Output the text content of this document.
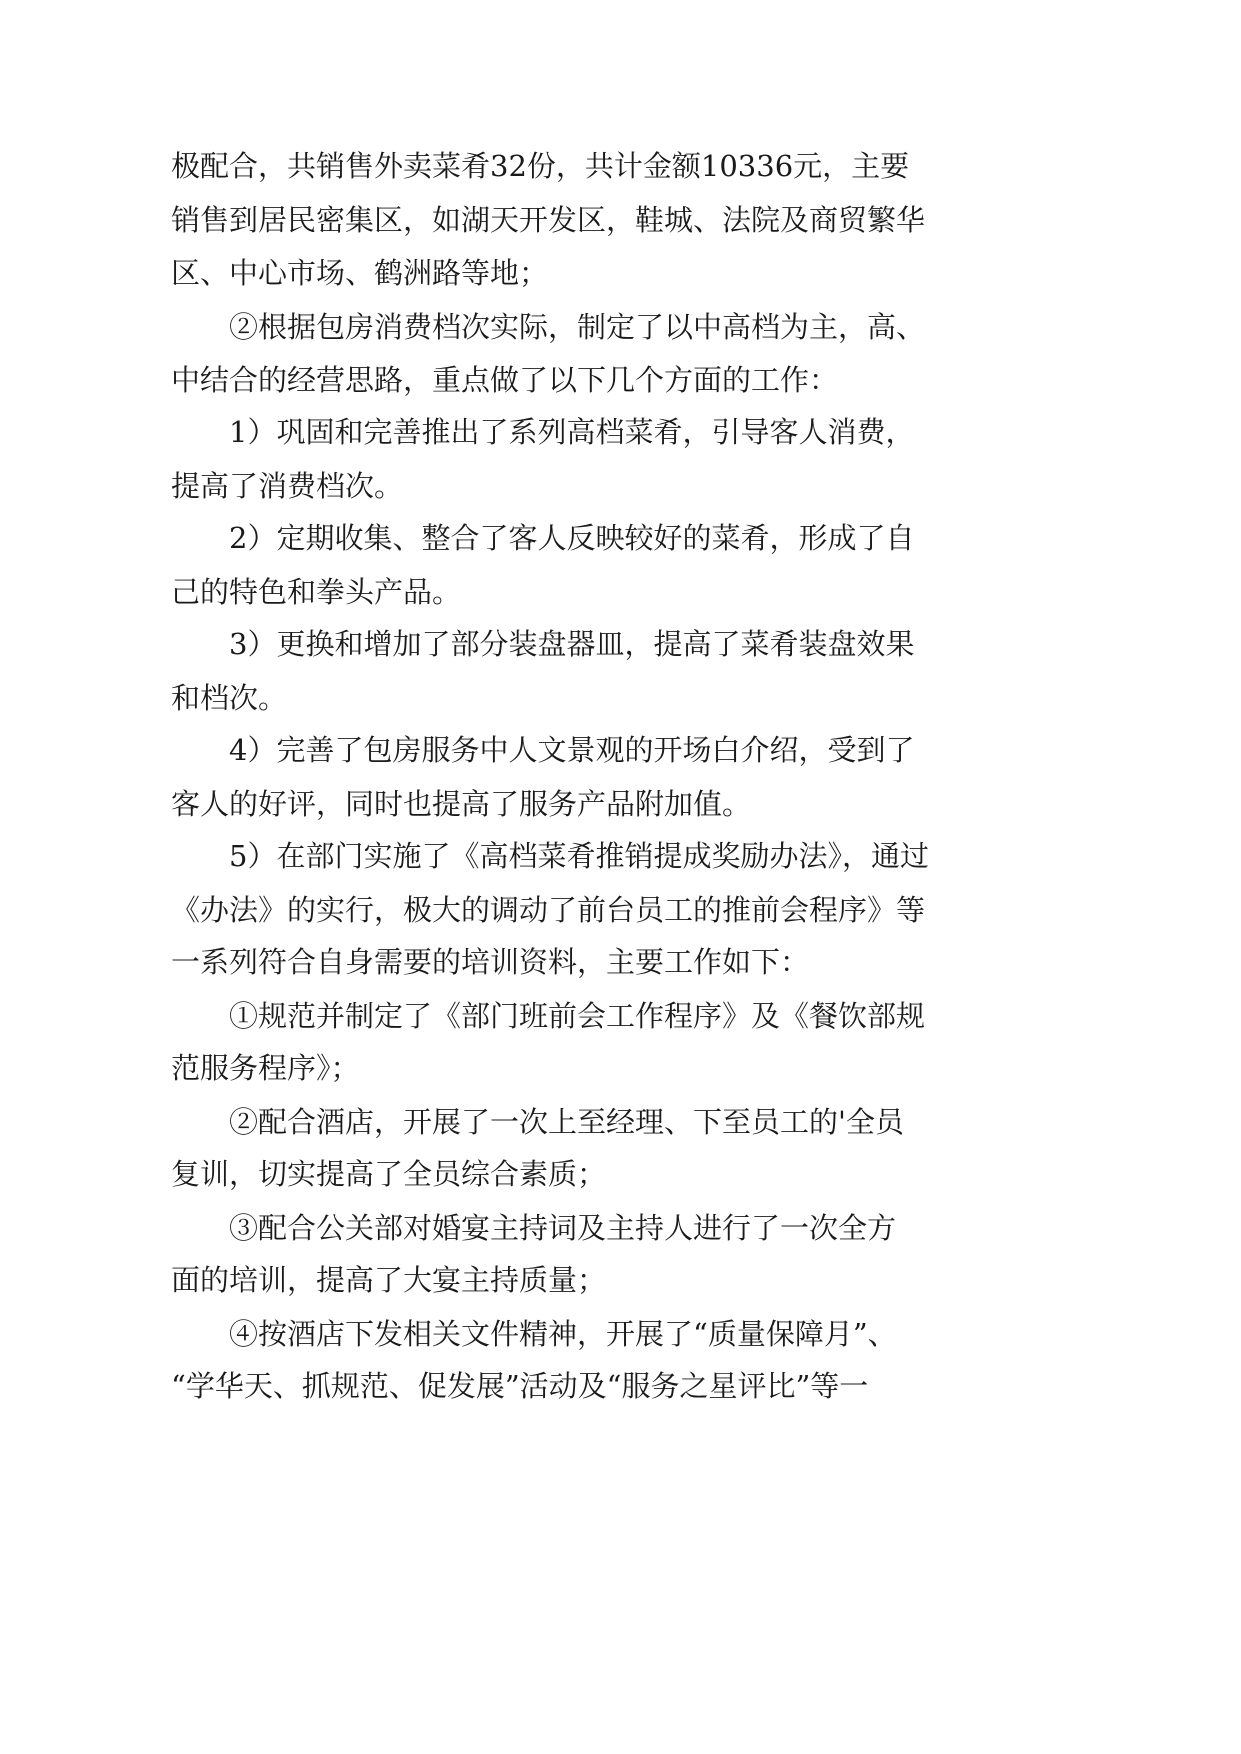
极配合，共销售外卖菜肴32份，共计金额10336元，主要
销售到居民密集区，如湖天开发区，鞋城、法院及商贸繁华
区、中心市场、鹤洲路等地；
②根据包房消费档次实际，制定了以中高档为主，高、
中结合的经营思路，重点做了以下几个方面的工作：
1）巩固和完善推出了系列高档菜肴，引导客人消费，
提高了消费档次。
2）定期收集、整合了客人反映较好的菜肴，形成了自
己的特色和拳头产品。
3）更换和增加了部分装盘器皿，提高了菜肴装盘效果
和档次。
4）完善了包房服务中人文景观的开场白介绍，受到了
客人的好评，同时也提高了服务产品附加值。
5）在部门实施了《高档菜肴推销提成奖励办法》，通过
《办法》的实行，极大的调动了前台员工的推前会程序》等
一系列符合自身需要的培训资料，主要工作如下：
①规范并制定了《部门班前会工作程序》及《餐饮部规
范服务程序》；
②配合酒店，开展了一次上至经理、下至员工的'全员
复训，切实提高了全员综合素质；
③配合公关部对婚宴主持词及主持人进行了一次全方
面的培训，提高了大宴主持质量；
④按酒店下发相关文件精神，开展了“质量保障月”、
“学华天、抓规范、促发展”活动及“服务之星评比”等一
